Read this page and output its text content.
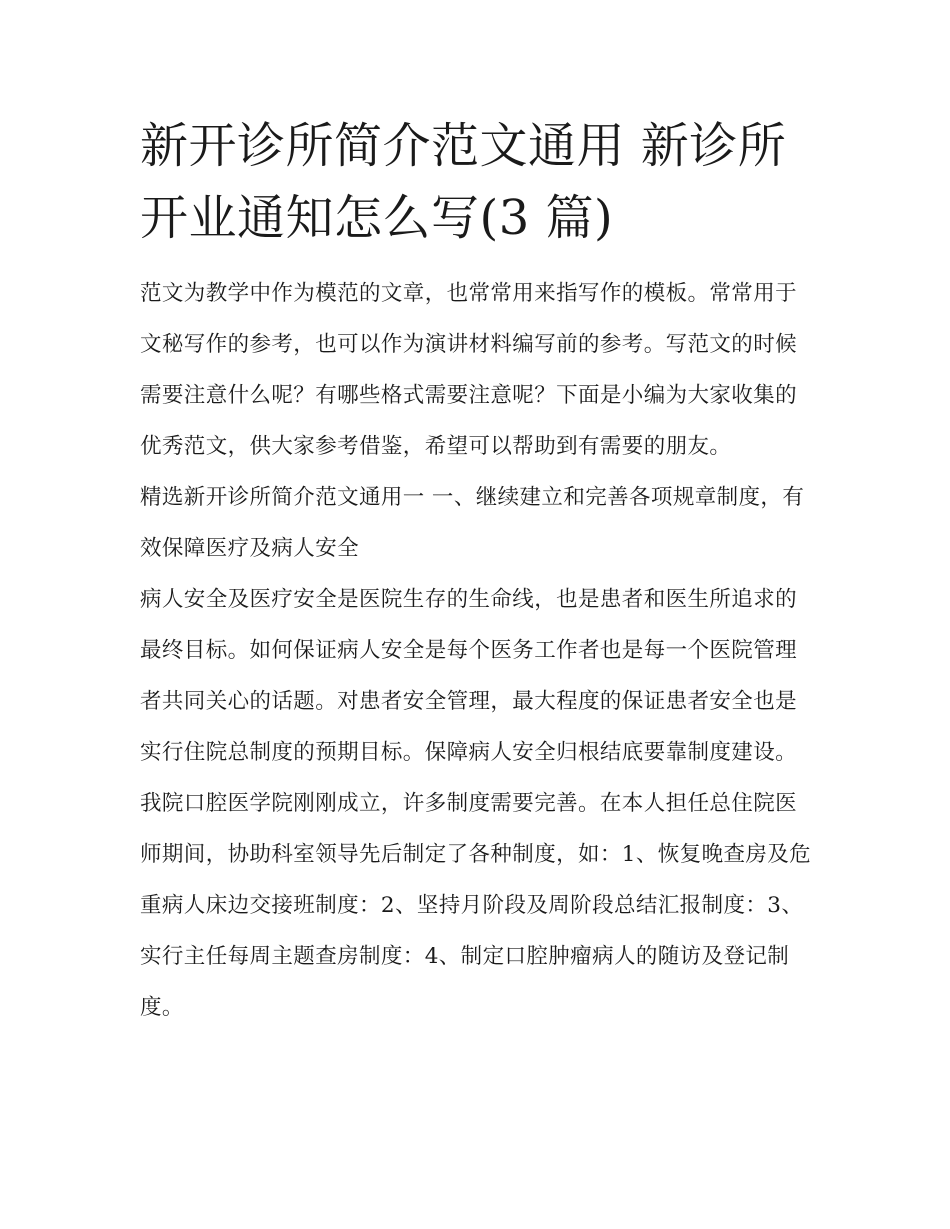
新开诊所简介范文通用 新诊所开业通知怎么写(3 篇)

范文为教学中作为模范的文章，也常常用来指写作的模板。常常用于文秘写作的参考，也可以作为演讲材料编写前的参考。写范文的时候需要注意什么呢？有哪些格式需要注意呢？下面是小编为大家收集的优秀范文，供大家参考借鉴，希望可以帮助到有需要的朋友。

精选新开诊所简介范文通用一 一、继续建立和完善各项规章制度，有效保障医疗及病人安全

病人安全及医疗安全是医院生存的生命线，也是患者和医生所追求的最终目标。如何保证病人安全是每个医务工作者也是每一个医院管理者共同关心的话题。对患者安全管理，最大程度的保证患者安全也是实行住院总制度的预期目标。保障病人安全归根结底要靠制度建设。我院口腔医学院刚刚成立，许多制度需要完善。在本人担任总住院医师期间，协助科室领导先后制定了各种制度，如：1、恢复晚查房及危重病人床边交接班制度：2、坚持月阶段及周阶段总结汇报制度：3、实行主任每周主题查房制度：4、制定口腔肿瘤病人的随访及登记制度。
